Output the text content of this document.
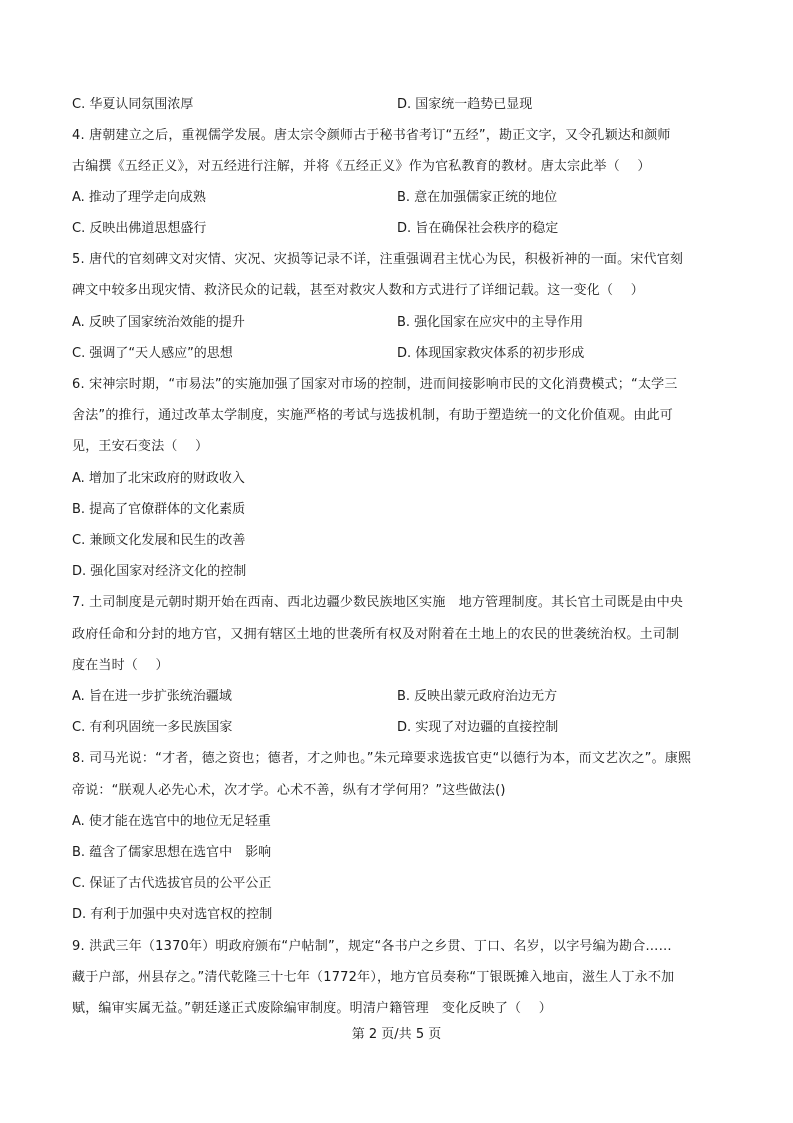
C. 华夏认同氛围浓厚	D. 国家统一趋势已显现
4. 唐朝建立之后，重视儒学发展。唐太宗令颜师古于秘书省考订“五经”，勘正文字，又令孔颖达和颜师
古编撰《五经正义》，对五经进行注解，并将《五经正义》作为官私教育的教材。唐太宗此举（　 ）
A. 推动了理学走向成熟	B. 意在加强儒家正统的地位
C. 反映出佛道思想盛行	D. 旨在确保社会秩序的稳定
5. 唐代的官刻碑文对灾情、灾况、灾损等记录不详，注重强调君主忧心为民，积极祈神的一面。宋代官刻
碑文中较多出现灾情、救济民众的记载，甚至对救灾人数和方式进行了详细记载。这一变化（　 ）
A. 反映了国家统治效能的提升	B. 强化国家在应灾中的主导作用
C. 强调了“天人感应”的思想	D. 体现国家救灾体系的初步形成
6. 宋神宗时期，“市易法”的实施加强了国家对市场的控制，进而间接影响市民的文化消费模式；“太学三
舍法”的推行，通过改革太学制度，实施严格的考试与选拔机制，有助于塑造统一的文化价值观。由此可
见，王安石变法（　 ）
A. 增加了北宋政府的财政收入
B. 提高了官僚群体的文化素质
C. 兼顾文化发展和民生的改善
D. 强化国家对经济文化的控制
7. 土司制度是元朝时期开始在西南、西北边疆少数民族地区实施　地方管理制度。其长官土司既是由中央
政府任命和分封的地方官，又拥有辖区土地的世袭所有权及对附着在土地上的农民的世袭统治权。土司制
度在当时（　 ）
A. 旨在进一步扩张统治疆域	B. 反映出蒙元政府治边无方
C. 有利巩固统一多民族国家	D. 实现了对边疆的直接控制
8. 司马光说：“才者，德之资也；德者，才之帅也。”朱元璋要求选拔官吏“以德行为本，而文艺次之”。康熙
帝说：“朕观人必先心术，次才学。心术不善，纵有才学何用？”这些做法()
A. 使才能在选官中的地位无足轻重
B. 蕴含了儒家思想在选官中　影响
C. 保证了古代选拔官员的公平公正
D. 有利于加强中央对选官权的控制
9. 洪武三年（1370年）明政府颁布“户帖制”，规定“各书户之乡贯、丁口、名岁，以字号编为勘合……
藏于户部，州县存之。”清代乾隆三十七年（1772年），地方官员奏称“丁银既摊入地亩，滋生人丁永不加
赋，编审实属无益。”朝廷遂正式废除编审制度。明清户籍管理　变化反映了（　 ）
第 2 页/共 5 页
